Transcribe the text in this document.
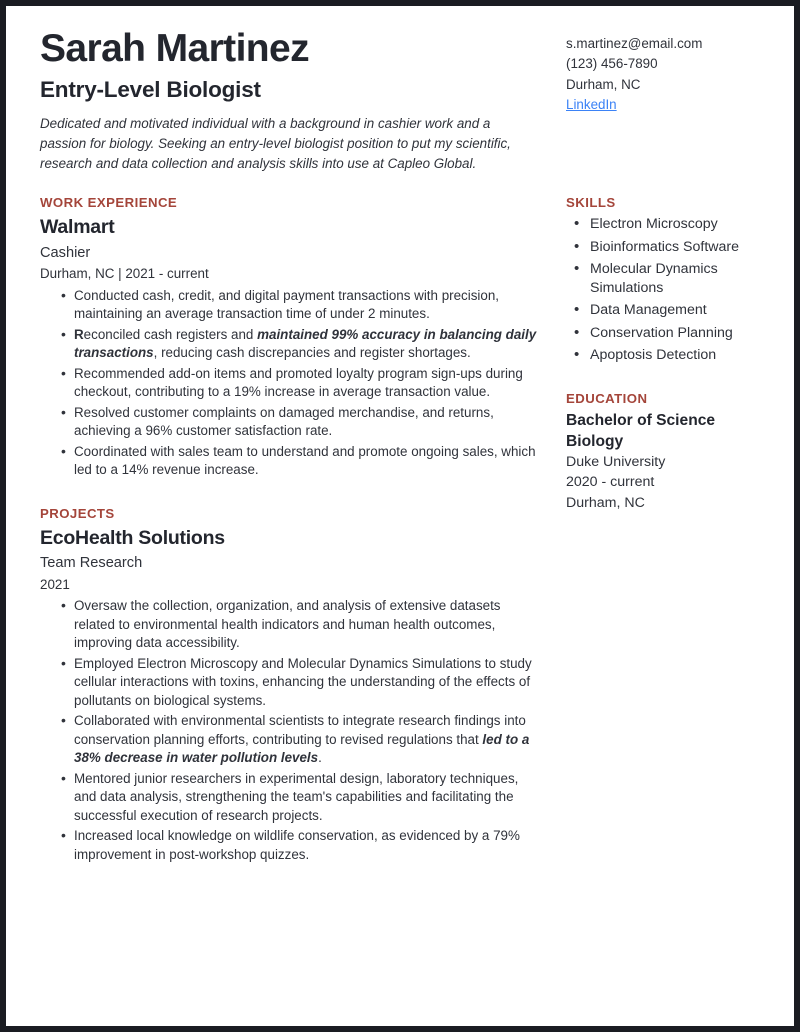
Sarah Martinez
Entry-Level Biologist

Dedicated and motivated individual with a background in cashier work and a passion for biology. Seeking an entry-level biologist position to put my scientific, research and data collection and analysis skills into use at Capleo Global.

s.martinez@email.com
(123) 456-7890
Durham, NC
LinkedIn
WORK EXPERIENCE
Walmart
Cashier
Durham, NC | 2021 - current
• Conducted cash, credit, and digital payment transactions with precision, maintaining an average transaction time of under 2 minutes.
• Reconciled cash registers and maintained 99% accuracy in balancing daily transactions, reducing cash discrepancies and register shortages.
• Recommended add-on items and promoted loyalty program sign-ups during checkout, contributing to a 19% increase in average transaction value.
• Resolved customer complaints on damaged merchandise, and returns, achieving a 96% customer satisfaction rate.
• Coordinated with sales team to understand and promote ongoing sales, which led to a 14% revenue increase.
PROJECTS
EcoHealth Solutions
Team Research
2021
• Oversaw the collection, organization, and analysis of extensive datasets related to environmental health indicators and human health outcomes, improving data accessibility.
• Employed Electron Microscopy and Molecular Dynamics Simulations to study cellular interactions with toxins, enhancing the understanding of the effects of pollutants on biological systems.
• Collaborated with environmental scientists to integrate research findings into conservation planning efforts, contributing to revised regulations that led to a 38% decrease in water pollution levels.
• Mentored junior researchers in experimental design, laboratory techniques, and data analysis, strengthening the team's capabilities and facilitating the successful execution of research projects.
• Increased local knowledge on wildlife conservation, as evidenced by a 79% improvement in post-workshop quizzes.
SKILLS
• Electron Microscopy
• Bioinformatics Software
• Molecular Dynamics Simulations
• Data Management
• Conservation Planning
• Apoptosis Detection
EDUCATION
Bachelor of Science Biology
Duke University
2020 - current
Durham, NC
